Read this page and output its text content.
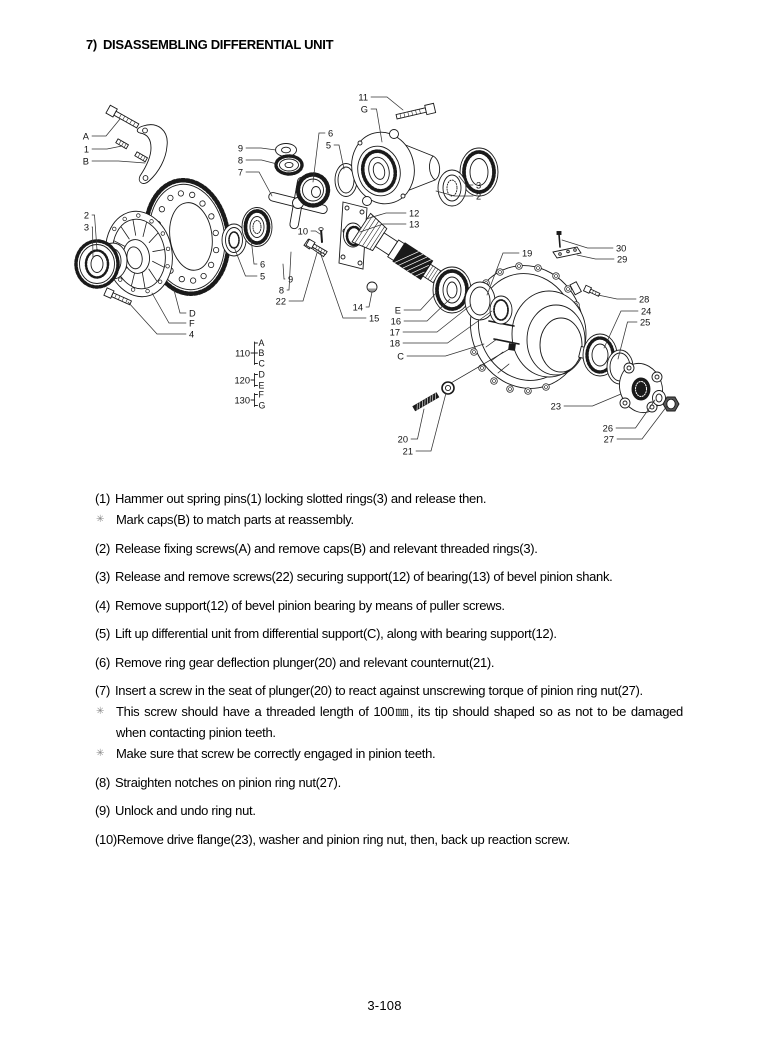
7) DISASSEMBLING DIFFERENTIAL UNIT
A
1
B
2
3
D
F
4
9
8
7
6
5 9
8
22
11
G
6
5
3
2
12
13
10
14
15
E
16
17
18
C
19	30
29
28
24
25
23
26
27
20
21
110
A
B
C
120
D
E
130
F
G
(1) Hammer out spring pins(1) locking slotted rings(3) and release then.
✳ Mark caps(B) to match parts at reassembly.
(2) Release fixing screws(A) and remove caps(B) and relevant threaded rings(3).
(3) Release and remove screws(22) securing support(12) of bearing(13) of bevel pinion shank.
(4) Remove support(12) of bevel pinion bearing by means of puller screws.
(5) Lift up differential unit from differential support(C), along with bearing support(12).
(6) Remove ring gear deflection plunger(20) and relevant counternut(21).
(7) Insert a screw in the seat of plunger(20) to react against unscrewing torque of pinion ring nut(27).
✳ This screw should have a threaded length of 100㎜, its tip should shaped so as not to be damaged when contacting pinion teeth.
✳ Make sure that screw be correctly engaged in pinion teeth.
(8) Straighten notches on pinion ring nut(27).
(9) Unlock and undo ring nut.
(10) Remove drive flange(23), washer and pinion ring nut, then, back up reaction screw.
3-108
